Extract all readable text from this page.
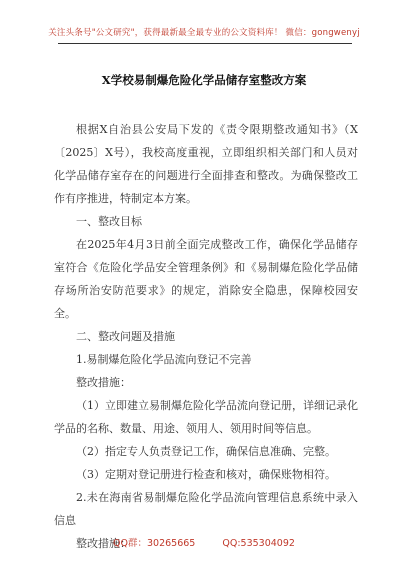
关注头条号"公文研究"，获得最新最全最专业的公文资料库！ 微信：gongwenyj
X学校易制爆危险化学品储存室整改方案

根据X自治县公安局下发的《责令限期整改通知书》（X〔2025〕X号），我校高度重视，立即组织相关部门和人员对化学品储存室存在的问题进行全面排查和整改。为确保整改工作有序推进，特制定本方案。

一、整改目标

在2025年4月3日前全面完成整改工作，确保化学品储存室符合《危险化学品安全管理条例》和《易制爆危险化学品储存场所治安防范要求》的规定，消除安全隐患，保障校园安全。

二、整改问题及措施

1.易制爆危险化学品流向登记不完善

整改措施：

（1）立即建立易制爆危险化学品流向登记册，详细记录化学品的名称、数量、用途、领用人、领用时间等信息。

（2）指定专人负责登记工作，确保信息准确、完整。

（3）定期对登记册进行检查和核对，确保账物相符。

2.未在海南省易制爆危险化学品流向管理信息系统中录入信息

整改措施：

QQ群：30265665	QQ:535304092
